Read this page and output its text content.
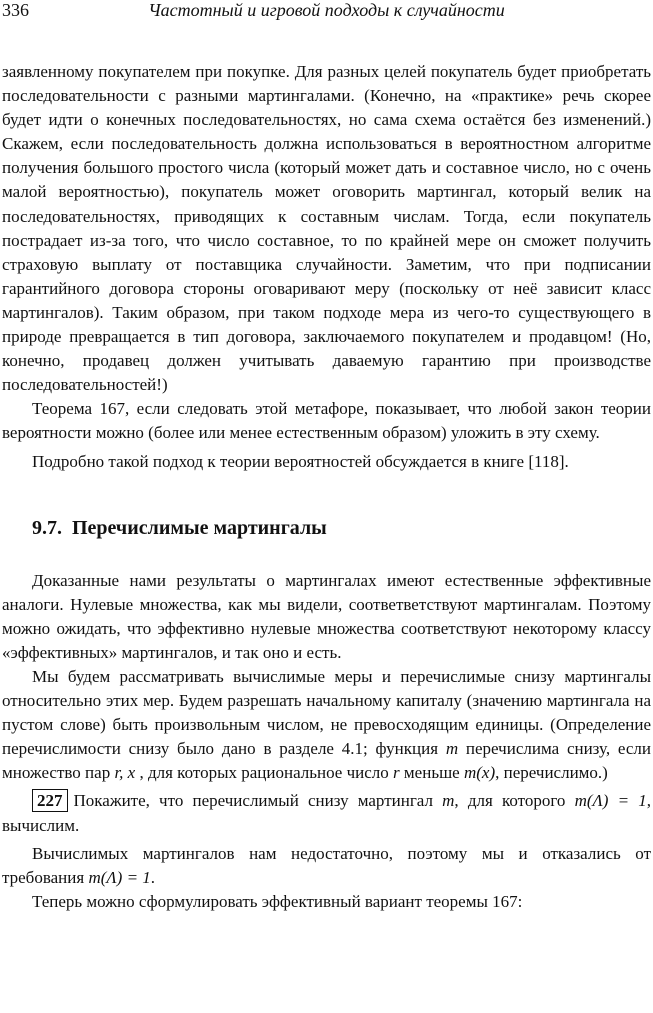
Частотный и игровой подходы к случайности
336

заявленному покупателем при покупке. Для разных целей покупатель будет приобретать последовательности с разными мартингалами. (Конечно, на «практике» речь скорее будет идти о конечных последовательностях, но сама схема остаётся без изменений.) Скажем, если последовательность должна использоваться в вероятностном алгоритме получения большого простого числа (который может дать и составное число, но с очень малой вероятностью), покупатель может оговорить мартингал, который велик на последовательностях, приводящих к составным числам. Тогда, если покупатель пострадает из-за того, что число составное, то по крайней мере он сможет получить страховую выплату от поставщика случайности. Заметим, что при подписании гарантийного договора стороны оговаривают меру (поскольку от неё зависит класс мартингалов). Таким образом, при таком подходе мера из чего-то существующего в природе превращается в тип договора, заключаемого покупателем и продавцом! (Но, конечно, продавец должен учитывать даваемую гарантию при производстве последовательностей!)

Теорема 167, если следовать этой метафоре, показывает, что любой закон теории вероятности можно (более или менее естественным образом) уложить в эту схему.

Подробно такой подход к теории вероятностей обсуждается в книге [118].

9.7. Перечислимые мартингалы

Доказанные нами результаты о мартингалах имеют естественные эффективные аналоги. Нулевые множества, как мы видели, соответветствуют мартингалам. Поэтому можно ожидать, что эффективно нулевые множества соответствуют некоторому классу «эффективных» мартингалов, и так оно и есть.

Мы будем рассматривать вычислимые меры и перечислимые снизу мартингалы относительно этих мер. Будем разрешать начальному капиталу (значению мартингала на пустом слове) быть произвольным числом, не превосходящим единицы. (Определение перечислимости снизу было дано в разделе 4.1; функция m перечислима снизу, если множество пар r, x , для которых рациональное число r меньше m(x), перечислимо.)

227 Покажите, что перечислимый снизу мартингал m, для которого m(Λ) = 1, вычислим.

Вычислимых мартингалов нам недостаточно, поэтому мы и отказались от требования m(Λ) = 1.

Теперь можно сформулировать эффективный вариант теоремы 167:
